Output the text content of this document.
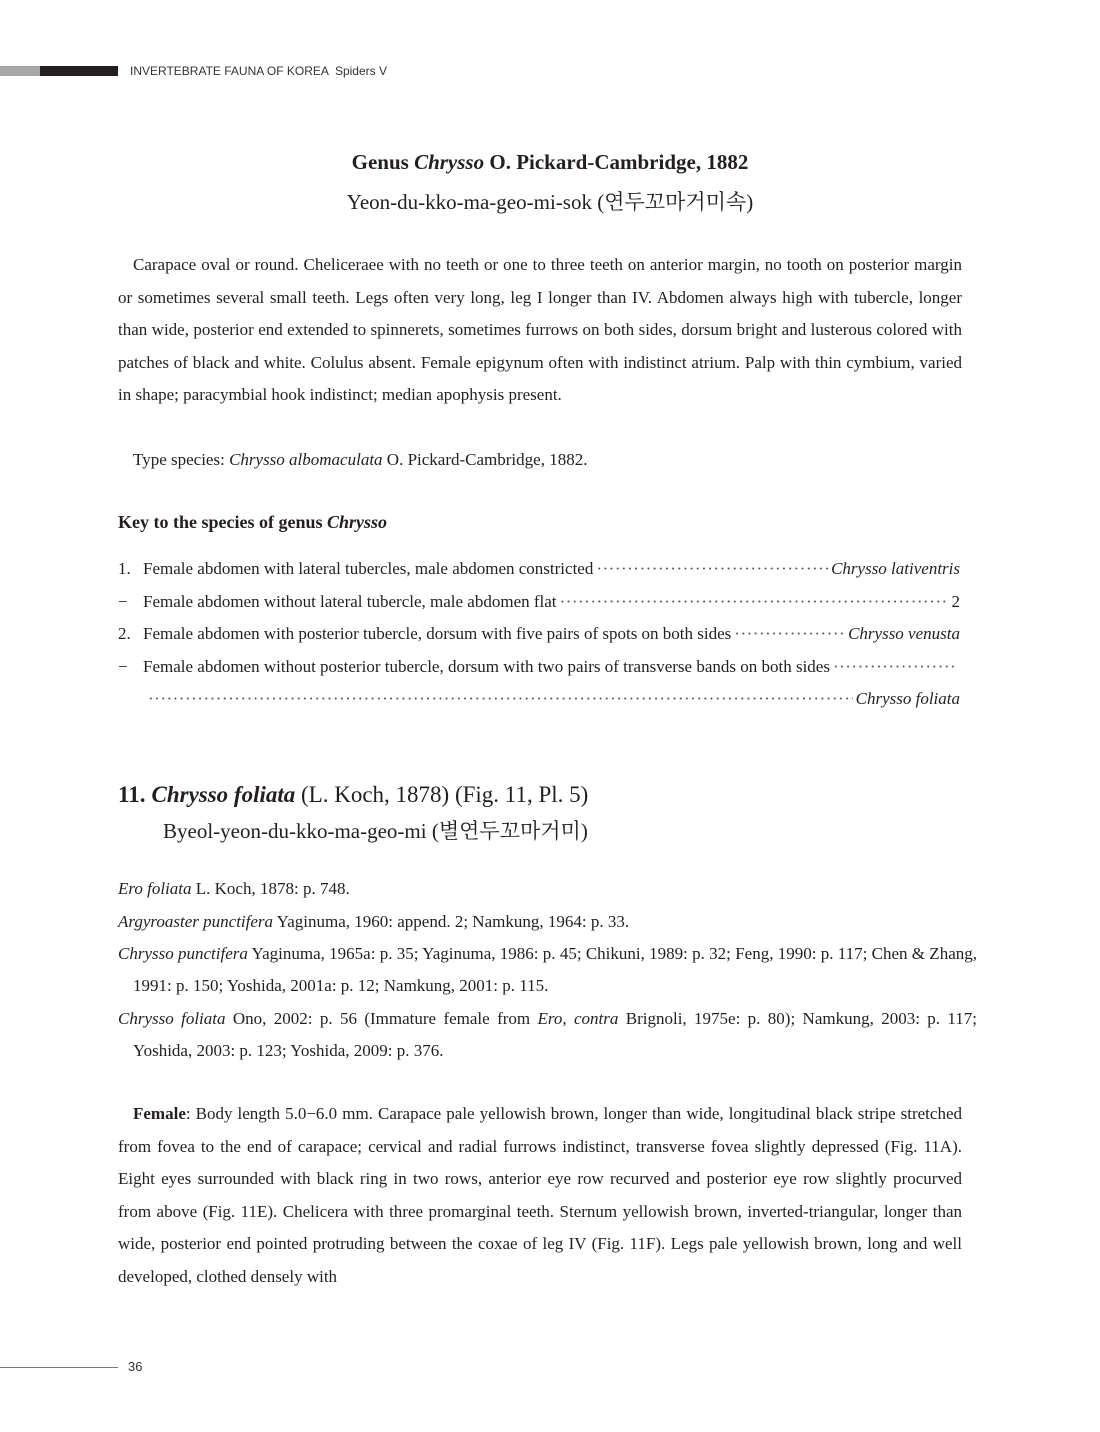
INVERTEBRATE FAUNA OF KOREA Spiders V
Genus Chrysso O. Pickard-Cambridge, 1882
Yeon-du-kko-ma-geo-mi-sok (연두꼬마거미속)
Carapace oval or round. Cheliceraee with no teeth or one to three teeth on anterior margin, no tooth on posterior margin or sometimes several small teeth. Legs often very long, leg I longer than IV. Abdomen always high with tubercle, longer than wide, posterior end extended to spinnerets, sometimes furrows on both sides, dorsum bright and lusterous colored with patches of black and white. Colulus absent. Female epigynum often with indistinct atrium. Palp with thin cymbium, varied in shape; paracymbial hook indistinct; median apophysis present.
Type species: Chrysso albomaculata O. Pickard-Cambridge, 1882.
Key to the species of genus Chrysso
1. Female abdomen with lateral tubercles, male abdomen constricted ·····	Chrysso lativentris
− Female abdomen without lateral tubercle, male abdomen flat ·····	2
2. Female abdomen with posterior tubercle, dorsum with five pairs of spots on both sides ·····	Chrysso venusta
− Female abdomen without posterior tubercle, dorsum with two pairs of transverse bands on both sides
·····
·····
Chrysso foliata
11. Chrysso foliata (L. Koch, 1878) (Fig. 11, Pl. 5)
Byeol-yeon-du-kko-ma-geo-mi (별연두꼬마거미)
Ero foliata L. Koch, 1878: p. 748.
Argyroaster punctifera Yaginuma, 1960: append. 2; Namkung, 1964: p. 33.
Chrysso punctifera Yaginuma, 1965a: p. 35; Yaginuma, 1986: p. 45; Chikuni, 1989: p. 32; Feng, 1990: p. 117; Chen & Zhang, 1991: p. 150; Yoshida, 2001a: p. 12; Namkung, 2001: p. 115.
Chrysso foliata Ono, 2002: p. 56 (Immature female from Ero, contra Brignoli, 1975e: p. 80); Namkung, 2003: p. 117; Yoshida, 2003: p. 123; Yoshida, 2009: p. 376.
Female: Body length 5.0−6.0 mm. Carapace pale yellowish brown, longer than wide, longitudinal black stripe stretched from fovea to the end of carapace; cervical and radial furrows indistinct, transverse fovea slightly depressed (Fig. 11A). Eight eyes surrounded with black ring in two rows, anterior eye row recurved and posterior eye row slightly procurved from above (Fig. 11E). Chelicera with three promarginal teeth. Sternum yellowish brown, inverted-triangular, longer than wide, posterior end pointed protruding between the coxae of leg IV (Fig. 11F). Legs pale yellowish brown, long and well developed, clothed densely with
36
